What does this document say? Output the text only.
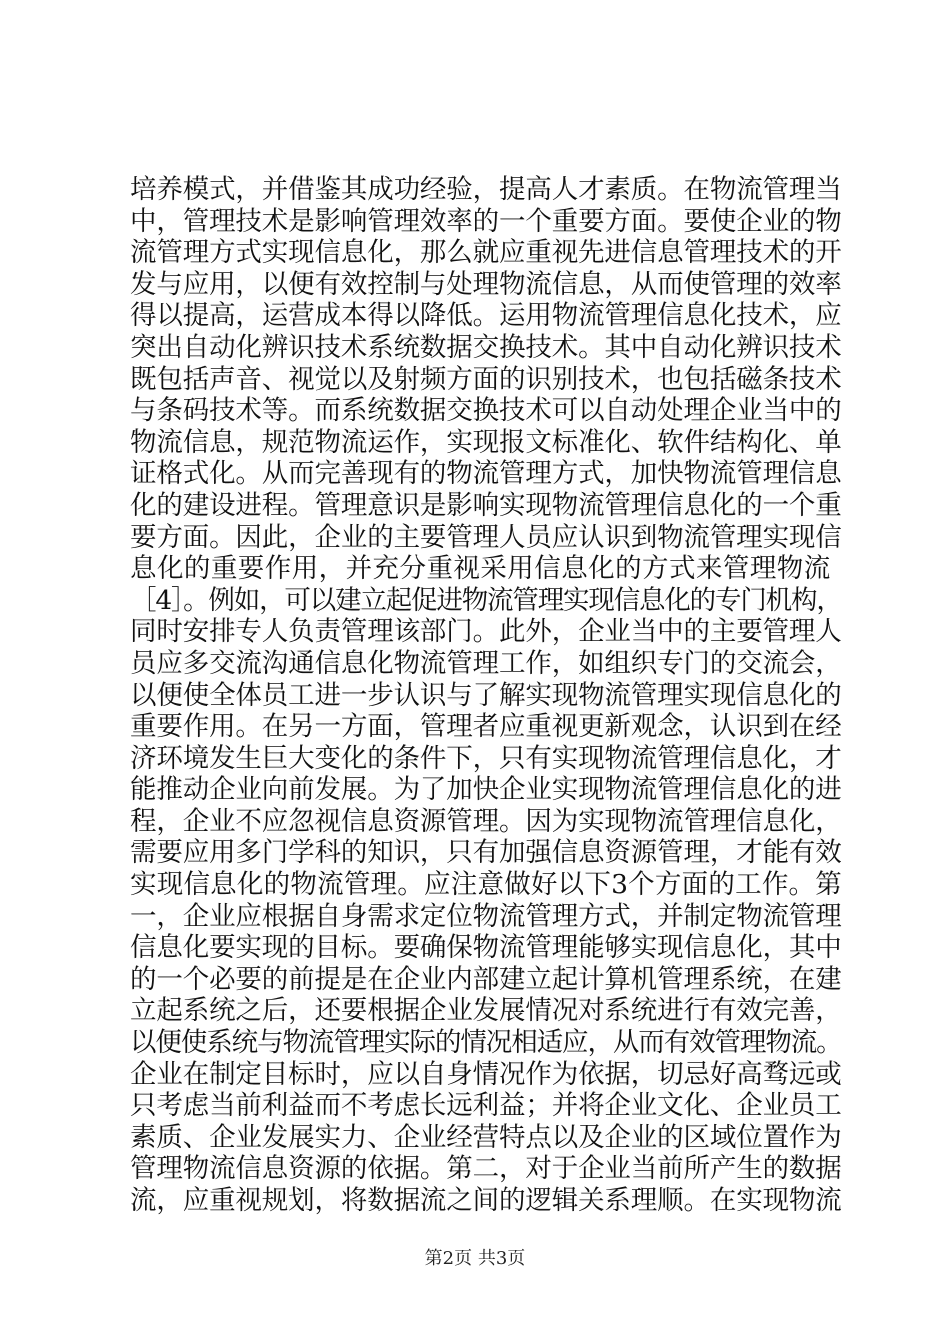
培养模式，并借鉴其成功经验，提高人才素质。在物流管理当
中，管理技术是影响管理效率的一个重要方面。要使企业的物
流管理方式实现信息化，那么就应重视先进信息管理技术的开
发与应用，以便有效控制与处理物流信息，从而使管理的效率
得以提高，运营成本得以降低。运用物流管理信息化技术，应
突出自动化辨识技术系统数据交换技术。其中自动化辨识技术
既包括声音、视觉以及射频方面的识别技术，也包括磁条技术
与条码技术等。而系统数据交换技术可以自动处理企业当中的
物流信息，规范物流运作，实现报文标准化、软件结构化、单
证格式化。从而完善现有的物流管理方式，加快物流管理信息
化的建设进程。管理意识是影响实现物流管理信息化的一个重
要方面。因此，企业的主要管理人员应认识到物流管理实现信
息化的重要作用，并充分重视采用信息化的方式来管理物流
［4］。例如，可以建立起促进物流管理实现信息化的专门机构，
同时安排专人负责管理该部门。此外，企业当中的主要管理人
员应多交流沟通信息化物流管理工作，如组织专门的交流会，
以便使全体员工进一步认识与了解实现物流管理实现信息化的
重要作用。在另一方面，管理者应重视更新观念，认识到在经
济环境发生巨大变化的条件下，只有实现物流管理信息化，才
能推动企业向前发展。为了加快企业实现物流管理信息化的进
程，企业不应忽视信息资源管理。因为实现物流管理信息化，
需要应用多门学科的知识，只有加强信息资源管理，才能有效
实现信息化的物流管理。应注意做好以下3个方面的工作。第
一，企业应根据自身需求定位物流管理方式，并制定物流管理
信息化要实现的目标。要确保物流管理能够实现信息化，其中
的一个必要的前提是在企业内部建立起计算机管理系统，在建
立起系统之后，还要根据企业发展情况对系统进行有效完善，
以便使系统与物流管理实际的情况相适应，从而有效管理物流。
企业在制定目标时，应以自身情况作为依据，切忌好高骛远或
只考虑当前利益而不考虑长远利益；并将企业文化、企业员工
素质、企业发展实力、企业经营特点以及企业的区域位置作为
管理物流信息资源的依据。第二，对于企业当前所产生的数据
流，应重视规划，将数据流之间的逻辑关系理顺。在实现物流
第2页 共3页
